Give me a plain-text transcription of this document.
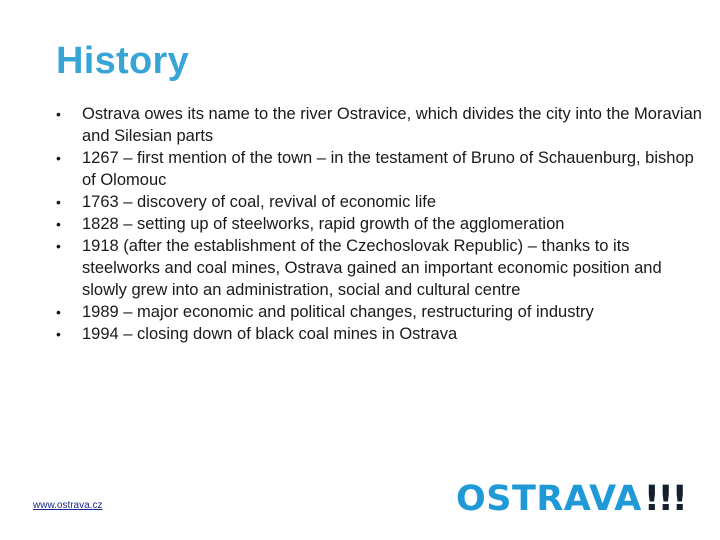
History
•	Ostrava owes its name to the river Ostravice, which divides the city into the Moravian and Silesian parts
•	1267 – first mention of the town – in the testament of Bruno of Schauenburg, bishop of Olomouc
•	1763 – discovery of coal, revival of economic life
•	1828 – setting up of steelworks, rapid growth of the agglomeration
•	1918 (after the establishment of the Czechoslovak Republic) – thanks to its steelworks and coal mines, Ostrava gained an important economic position and slowly grew into an administration, social and cultural centre
•	1989 – major economic and political changes, restructuring of industry
•	1994 – closing down of black coal mines in Ostrava
www.ostrava.cz	OSTRAVA !!!
